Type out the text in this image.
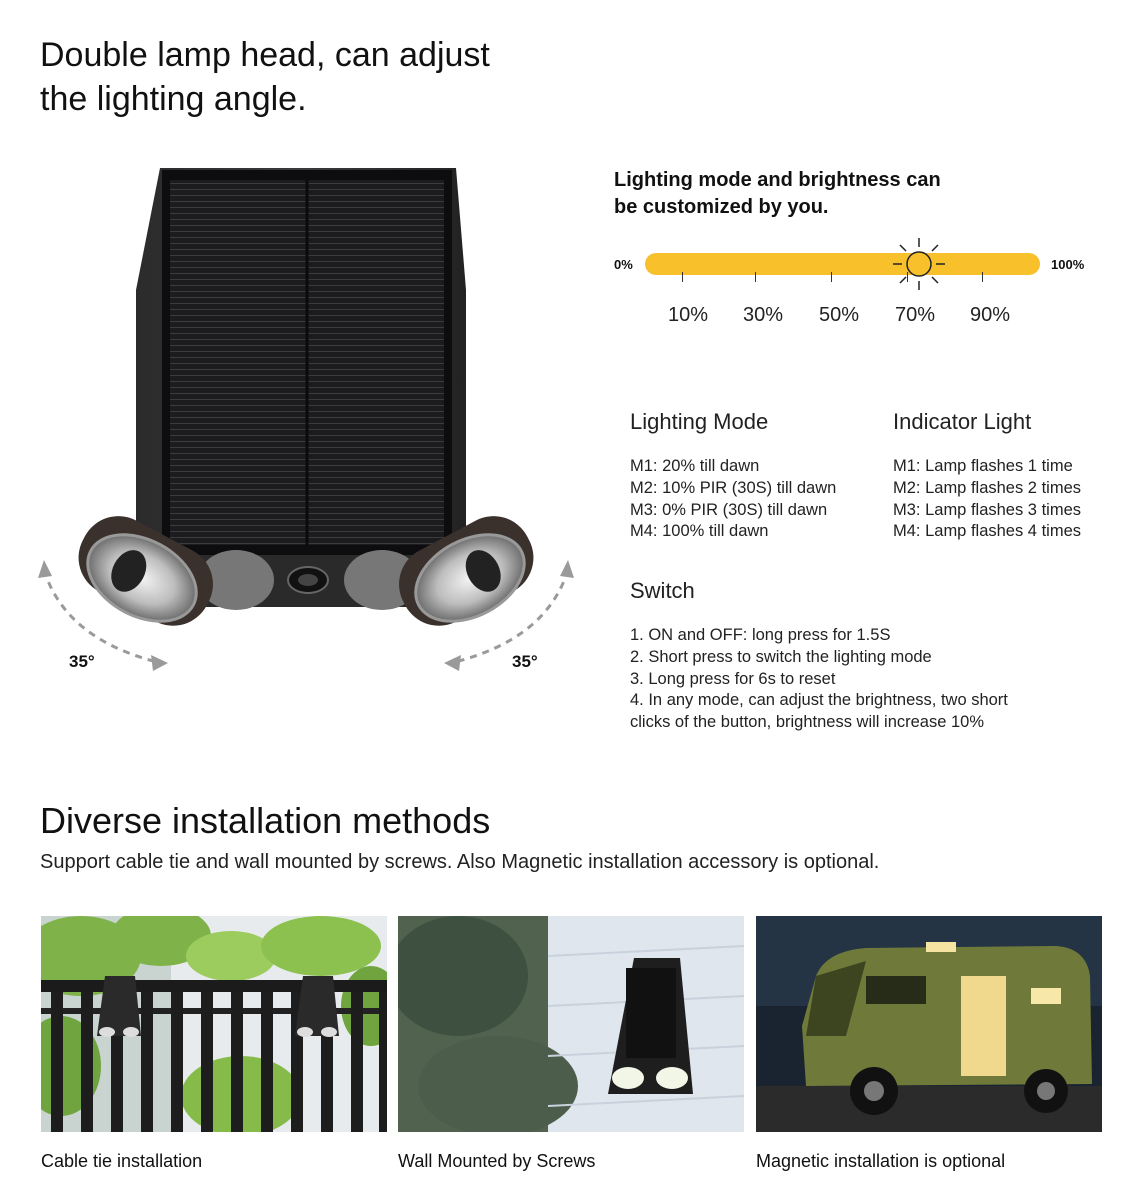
Double lamp head, can adjust
the lighting angle.
35°	35°
Lighting mode and brightness can
be customized by you.
0%	100%
10% 30% 50% 70% 90%
Lighting Mode
M1: 20% till dawn
M2: 10% PIR (30S) till dawn
M3: 0% PIR (30S) till dawn
M4: 100% till dawn
Indicator Light
M1: Lamp flashes 1 time
M2: Lamp flashes 2 times
M3: Lamp flashes 3 times
M4: Lamp flashes 4 times
Switch
1. ON and OFF: long press for 1.5S
2. Short press to switch the lighting mode
3. Long press for 6s to reset
4. In any mode, can adjust the brightness, two short
clicks of the button, brightness will increase 10%
Diverse installation methods
Support cable tie and wall mounted by screws. Also Magnetic installation accessory is optional.
Cable tie installation	Wall Mounted by Screws	Magnetic installation is optional
